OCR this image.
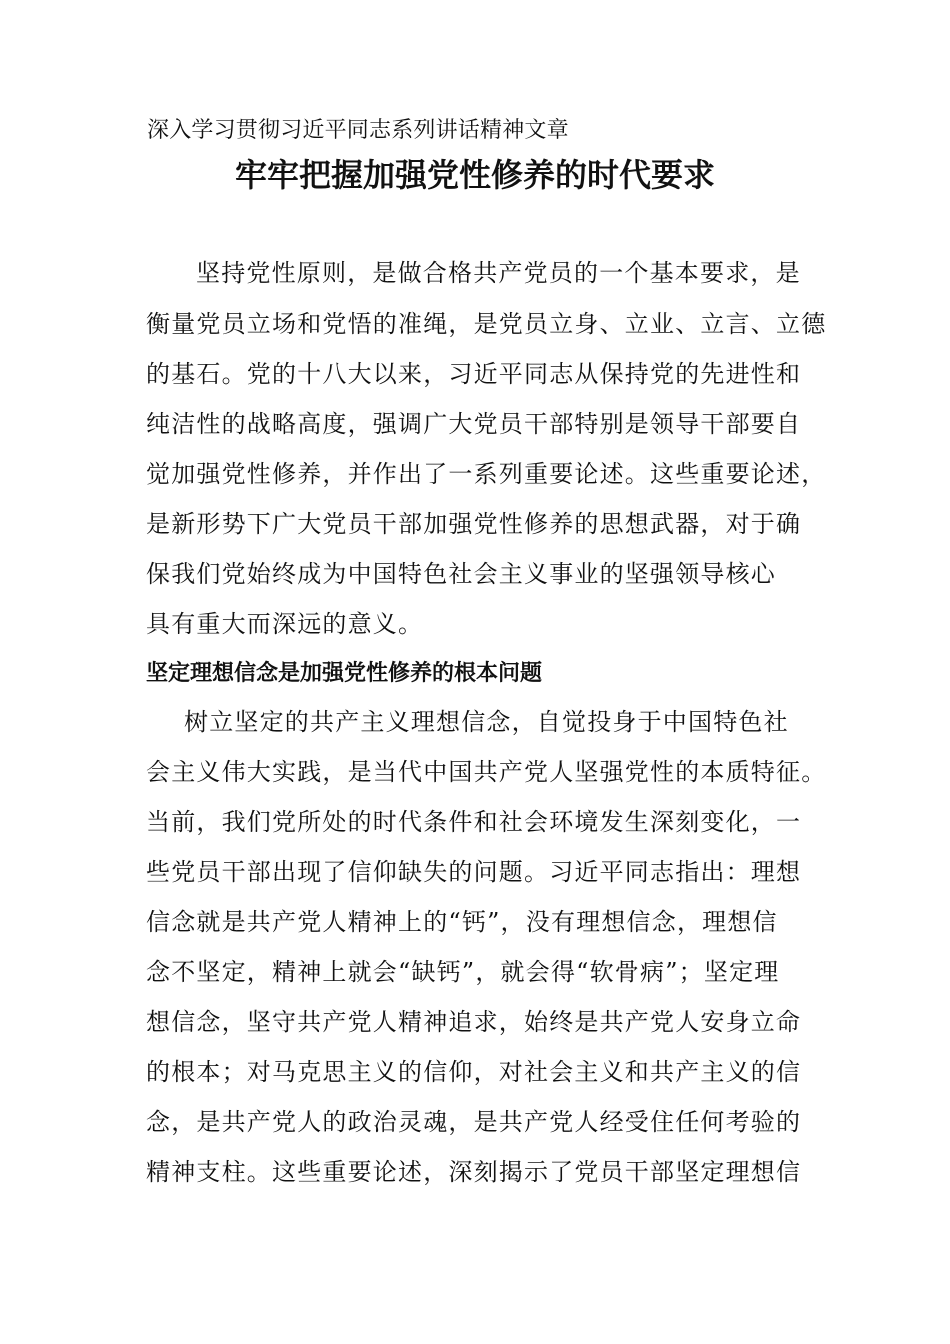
深入学习贯彻习近平同志系列讲话精神文章
牢牢把握加强党性修养的时代要求
坚持党性原则，是做合格共产党员的一个基本要求，是
衡量党员立场和党悟的准绳，是党员立身、立业、立言、立德
的基石。党的十八大以来，习近平同志从保持党的先进性和
纯洁性的战略高度，强调广大党员干部特别是领导干部要自
觉加强党性修养，并作出了一系列重要论述。这些重要论述，
是新形势下广大党员干部加强党性修养的思想武器，对于确
保我们党始终成为中国特色社会主义事业的坚强领导核心
具有重大而深远的意义。
坚定理想信念是加强党性修养的根本问题
树立坚定的共产主义理想信念，自觉投身于中国特色社
会主义伟大实践，是当代中国共产党人坚强党性的本质特征。
当前，我们党所处的时代条件和社会环境发生深刻变化，一
些党员干部出现了信仰缺失的问题。习近平同志指出：理想
信念就是共产党人精神上的“钙”，没有理想信念，理想信
念不坚定，精神上就会“缺钙”，就会得“软骨病”；坚定理
想信念，坚守共产党人精神追求，始终是共产党人安身立命
的根本；对马克思主义的信仰，对社会主义和共产主义的信
念，是共产党人的政治灵魂，是共产党人经受住任何考验的
精神支柱。这些重要论述，深刻揭示了党员干部坚定理想信
